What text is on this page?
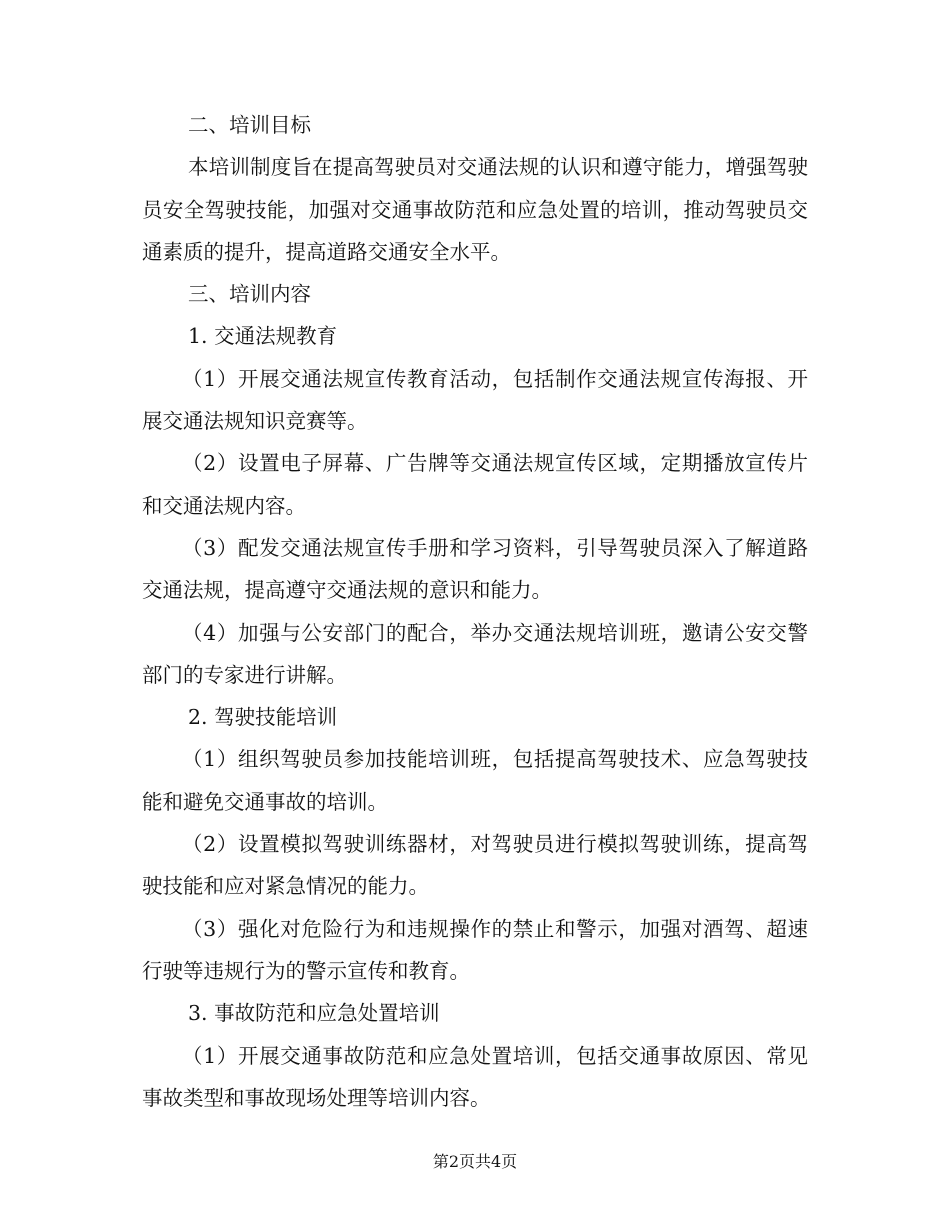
二、培训目标

本培训制度旨在提高驾驶员对交通法规的认识和遵守能力，增强驾驶员安全驾驶技能，加强对交通事故防范和应急处置的培训，推动驾驶员交通素质的提升，提高道路交通安全水平。

三、培训内容

1. 交通法规教育

（1）开展交通法规宣传教育活动，包括制作交通法规宣传海报、开展交通法规知识竞赛等。

（2）设置电子屏幕、广告牌等交通法规宣传区域，定期播放宣传片和交通法规内容。

（3）配发交通法规宣传手册和学习资料，引导驾驶员深入了解道路交通法规，提高遵守交通法规的意识和能力。

（4）加强与公安部门的配合，举办交通法规培训班，邀请公安交警部门的专家进行讲解。

2. 驾驶技能培训

（1）组织驾驶员参加技能培训班，包括提高驾驶技术、应急驾驶技能和避免交通事故的培训。

（2）设置模拟驾驶训练器材，对驾驶员进行模拟驾驶训练，提高驾驶技能和应对紧急情况的能力。

（3）强化对危险行为和违规操作的禁止和警示，加强对酒驾、超速行驶等违规行为的警示宣传和教育。

3. 事故防范和应急处置培训

（1）开展交通事故防范和应急处置培训，包括交通事故原因、常见事故类型和事故现场处理等培训内容。

第2页共4页
